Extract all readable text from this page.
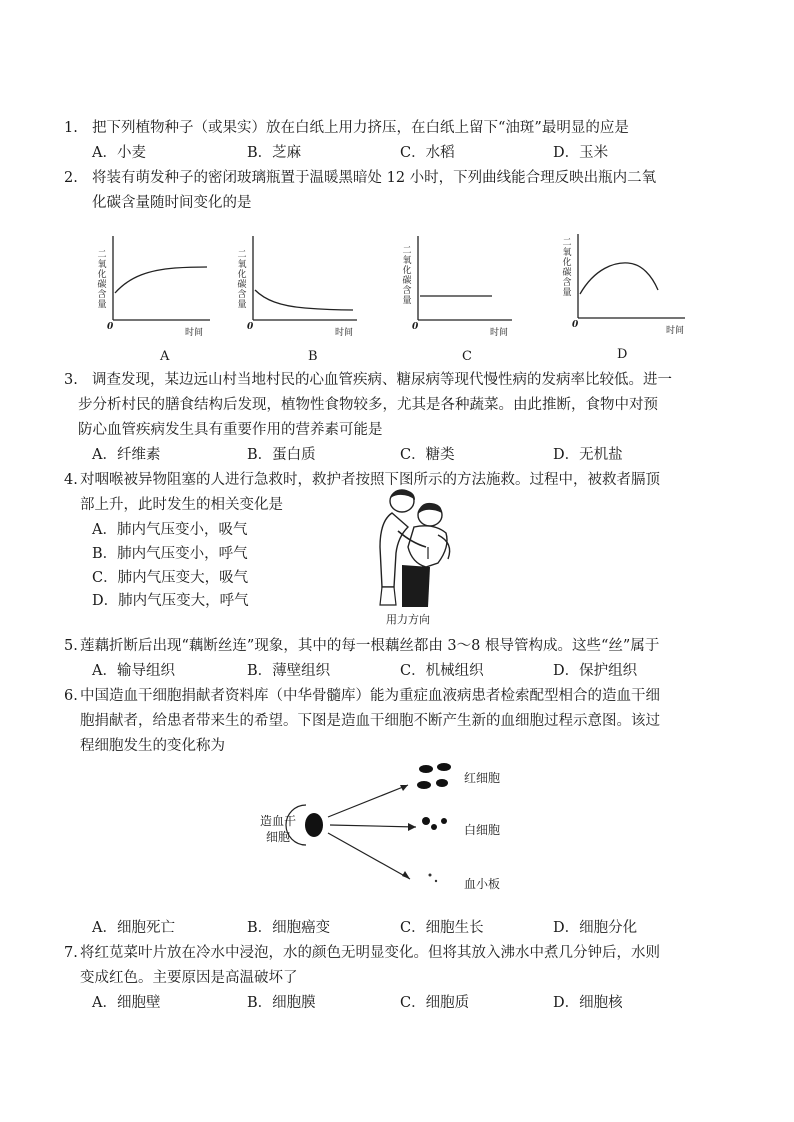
1. 把下列植物种子（或果实）放在白纸上用力挤压，在白纸上留下“油斑”最明显的应是
A．小麦	B．芝麻	C．水稻	D．玉米
2. 将装有萌发种子的密闭玻璃瓶置于温暖黑暗处 12 小时，下列曲线能合理反映出瓶内二氧
化碳含量随时间变化的是
二氧化碳含量
0
时间
A
二氧化碳含量
0
时间
B
二氧化碳含量
0
时间
C
二氧化碳含量
0
时间
D
3. 调查发现，某边远山村当地村民的心血管疾病、糖尿病等现代慢性病的发病率比较低。进一
步分析村民的膳食结构后发现，植物性食物较多，尤其是各种蔬菜。由此推断，食物中对预
防心血管疾病发生具有重要作用的营养素可能是
A．纤维素	B．蛋白质	C．糖类	D．无机盐
4. 对咽喉被异物阻塞的人进行急救时，救护者按照下图所示的方法施救。过程中，被救者膈顶
部上升，此时发生的相关变化是
A．肺内气压变小，吸气
B．肺内气压变小，呼气
C．肺内气压变大，吸气
D．肺内气压变大，呼气
用力方向
5. 莲藕折断后出现“藕断丝连”现象，其中的每一根藕丝都由 3～8 根导管构成。这些“丝”属于
A．输导组织	B．薄壁组织	C．机械组织	D．保护组织
6. 中国造血干细胞捐献者资料库（中华骨髓库）能为重症血液病患者检索配型相合的造血干细
胞捐献者，给患者带来生的希望。下图是造血干细胞不断产生新的血细胞过程示意图。该过
程细胞发生的变化称为
造血干
细胞
红细胞
白细胞
血小板
A．细胞死亡	B．细胞癌变	C．细胞生长	D．细胞分化
7. 将红苋菜叶片放在冷水中浸泡，水的颜色无明显变化。但将其放入沸水中煮几分钟后，水则
变成红色。主要原因是高温破坏了
A．细胞壁	B．细胞膜	C．细胞质	D．细胞核
